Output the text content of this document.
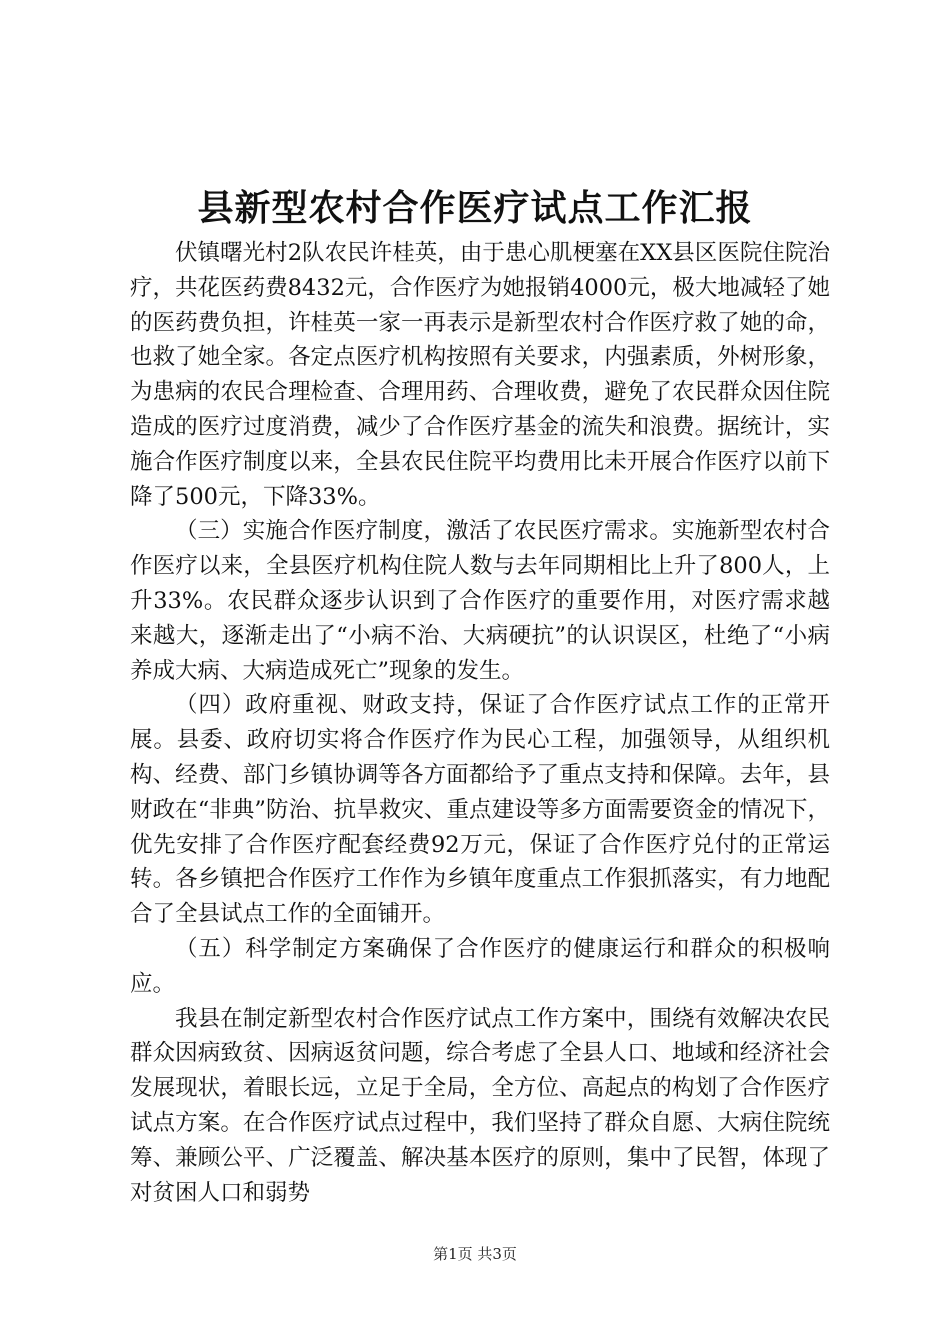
县新型农村合作医疗试点工作汇报

伏镇曙光村2队农民许桂英，由于患心肌梗塞在XX县区医院住院治疗，共花医药费8432元，合作医疗为她报销4000元，极大地减轻了她的医药费负担，许桂英一家一再表示是新型农村合作医疗救了她的命，也救了她全家。各定点医疗机构按照有关要求，内强素质，外树形象，为患病的农民合理检查、合理用药、合理收费，避免了农民群众因住院造成的医疗过度消费，减少了合作医疗基金的流失和浪费。据统计，实施合作医疗制度以来，全县农民住院平均费用比未开展合作医疗以前下降了500元，下降33%。

（三）实施合作医疗制度，激活了农民医疗需求。实施新型农村合作医疗以来，全县医疗机构住院人数与去年同期相比上升了800人，上升33%。农民群众逐步认识到了合作医疗的重要作用，对医疗需求越来越大，逐渐走出了“小病不治、大病硬抗”的认识误区，杜绝了“小病养成大病、大病造成死亡”现象的发生。

（四）政府重视、财政支持，保证了合作医疗试点工作的正常开展。县委、政府切实将合作医疗作为民心工程，加强领导，从组织机构、经费、部门乡镇协调等各方面都给予了重点支持和保障。去年，县财政在“非典”防治、抗旱救灾、重点建设等多方面需要资金的情况下，优先安排了合作医疗配套经费92万元，保证了合作医疗兑付的正常运转。各乡镇把合作医疗工作作为乡镇年度重点工作狠抓落实，有力地配合了全县试点工作的全面铺开。

（五）科学制定方案确保了合作医疗的健康运行和群众的积极响应。

我县在制定新型农村合作医疗试点工作方案中，围绕有效解决农民群众因病致贫、因病返贫问题，综合考虑了全县人口、地域和经济社会发展现状，着眼长远，立足于全局，全方位、高起点的构划了合作医疗试点方案。在合作医疗试点过程中，我们坚持了群众自愿、大病住院统筹、兼顾公平、广泛覆盖、解决基本医疗的原则，集中了民智，体现了对贫困人口和弱势

第1页 共3页
